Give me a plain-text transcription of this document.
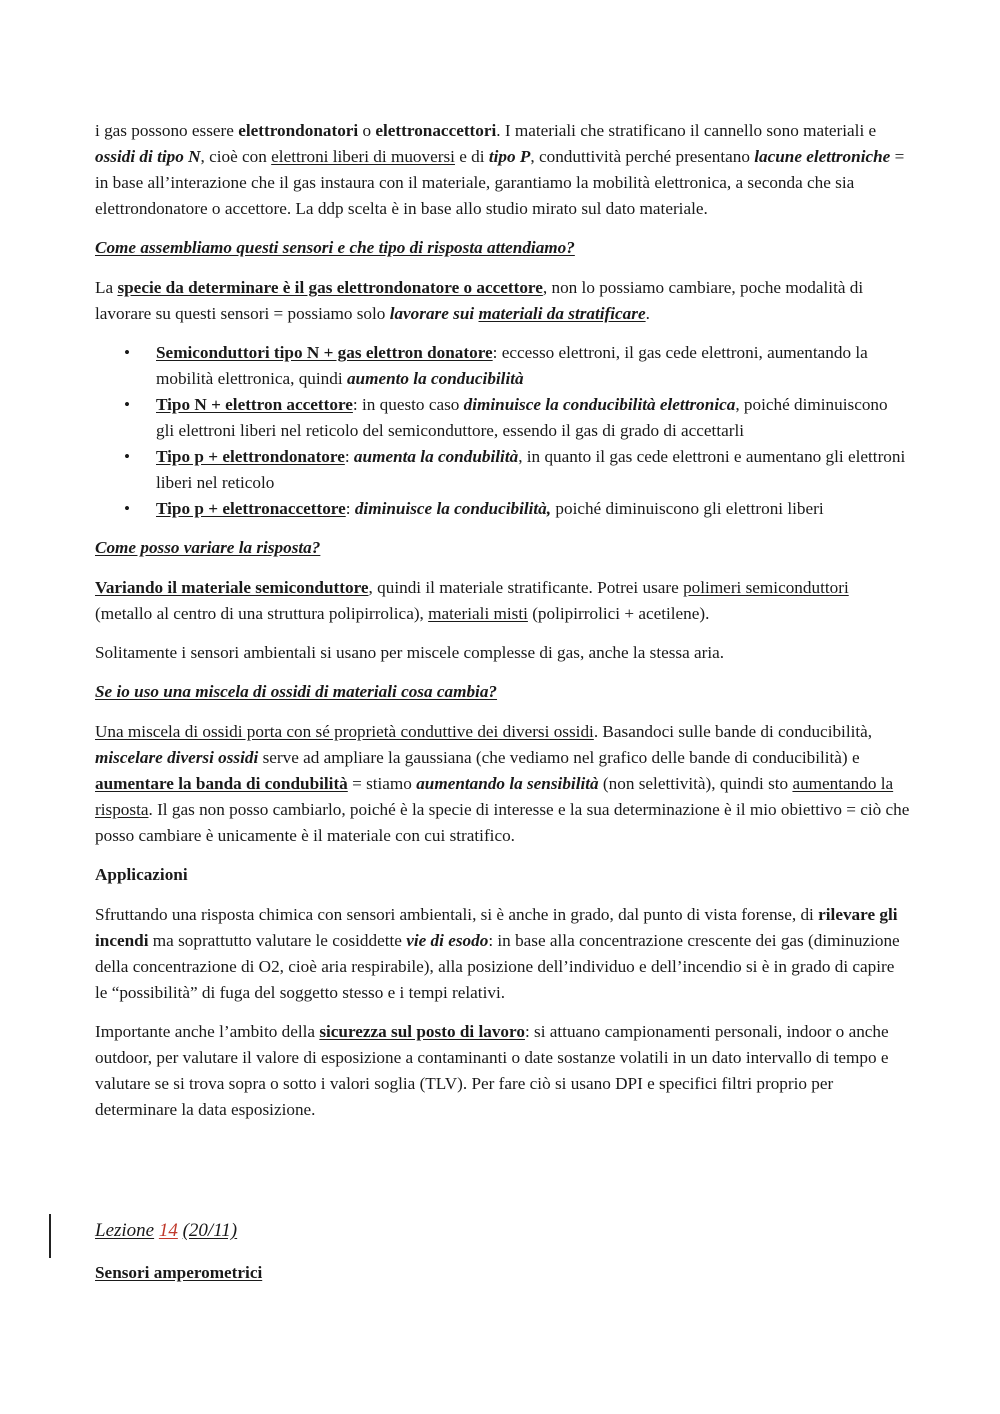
i gas possono essere elettrondonatori o elettronaccettori. I materiali che stratificano il cannello sono materiali e ossidi di tipo N, cioè con elettroni liberi di muoversi e di tipo P, conduttività perché presentano lacune elettroniche = in base all’interazione che il gas instaura con il materiale, garantiamo la mobilità elettronica, a seconda che sia elettrondonatore o accettore. La ddp scelta è in base allo studio mirato sul dato materiale.

Come assembliamo questi sensori e che tipo di risposta attendiamo?

La specie da determinare è il gas elettrondonatore o accettore, non lo possiamo cambiare, poche modalità di lavorare su questi sensori = possiamo solo lavorare sui materiali da stratificare.

• Semiconduttori tipo N + gas elettron donatore: eccesso elettroni, il gas cede elettroni, aumentando la mobilità elettronica, quindi aumento la conducibilità
• Tipo N + elettron accettore: in questo caso diminuisce la conducibilità elettronica, poiché diminuiscono gli elettroni liberi nel reticolo del semiconduttore, essendo il gas di grado di accettarli
• Tipo p + elettrondonatore: aumenta la condubilità, in quanto il gas cede elettroni e aumentano gli elettroni liberi nel reticolo
• Tipo p + elettronaccettore: diminuisce la conducibilità, poiché diminuiscono gli elettroni liberi

Come posso variare la risposta?

Variando il materiale semiconduttore, quindi il materiale stratificante. Potrei usare polimeri semiconduttori (metallo al centro di una struttura polipirrolica), materiali misti (polipirrolici + acetilene).

Solitamente i sensori ambientali si usano per miscele complesse di gas, anche la stessa aria.

Se io uso una miscela di ossidi di materiali cosa cambia?

Una miscela di ossidi porta con sé proprietà conduttive dei diversi ossidi. Basandoci sulle bande di conducibilità, miscelare diversi ossidi serve ad ampliare la gaussiana (che vediamo nel grafico delle bande di conducibilità) e aumentare la banda di condubilità = stiamo aumentando la sensibilità (non selettività), quindi sto aumentando la risposta. Il gas non posso cambiarlo, poiché è la specie di interesse e la sua determinazione è il mio obiettivo = ciò che posso cambiare è unicamente è il materiale con cui stratifico.

Applicazioni

Sfruttando una risposta chimica con sensori ambientali, si è anche in grado, dal punto di vista forense, di rilevare gli incendi ma soprattutto valutare le cosiddette vie di esodo: in base alla concentrazione crescente dei gas (diminuzione della concentrazione di O2, cioè aria respirabile), alla posizione dell’individuo e dell’incendio si è in grado di capire le “possibilità” di fuga del soggetto stesso e i tempi relativi.

Importante anche l’ambito della sicurezza sul posto di lavoro: si attuano campionamenti personali, indoor o anche outdoor, per valutare il valore di esposizione a contaminanti o date sostanze volatili in un dato intervallo di tempo e valutare se si trova sopra o sotto i valori soglia (TLV). Per fare ciò si usano DPI e specifici filtri proprio per determinare la data esposizione.

Lezione 14 (20/11)
Sensori amperometrici
